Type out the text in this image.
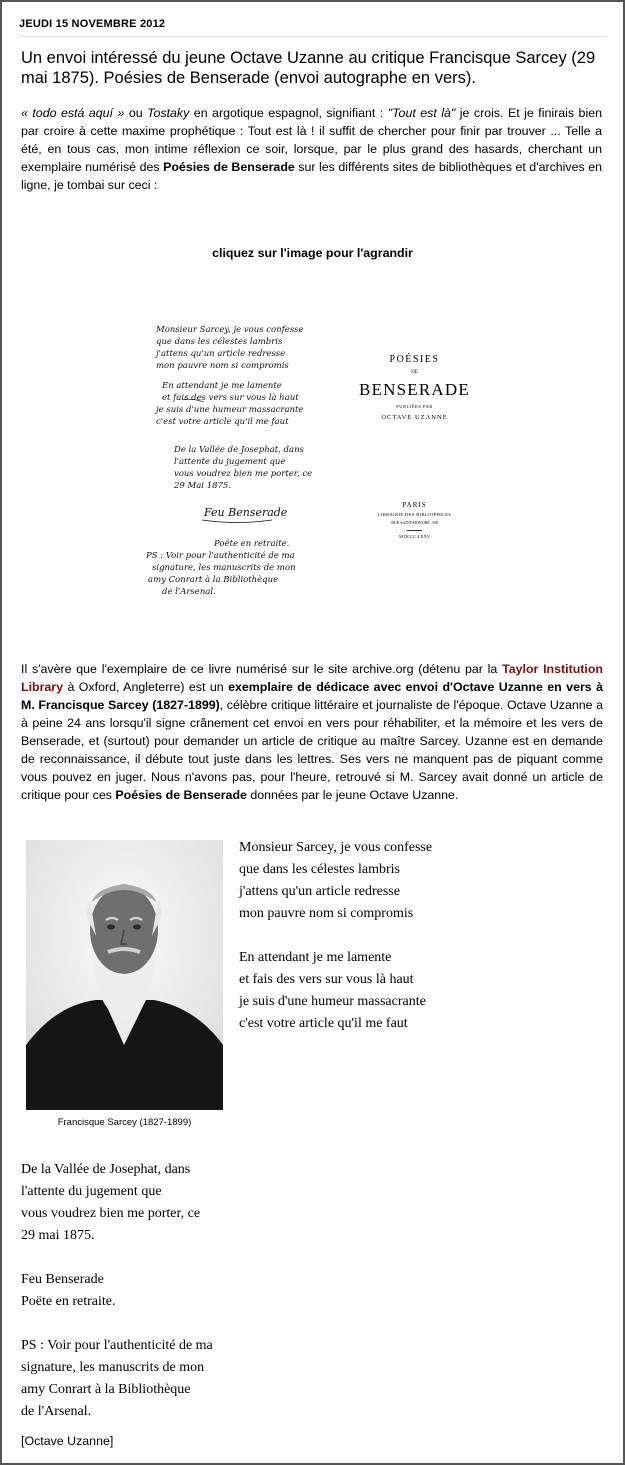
JEUDI 15 NOVEMBRE 2012
Un envoi intéressé du jeune Octave Uzanne au critique Francisque Sarcey (29 mai 1875). Poésies de Benserade (envoi autographe en vers).
« todo está aquí » ou Tostaky en argotique espagnol, signifiant : "Tout est là" je crois. Et je finirais bien par croire à cette maxime prophétique : Tout est là ! il suffit de chercher pour finir par trouver ... Telle a été, en tous cas, mon intime réflexion ce soir, lorsque, par le plus grand des hasards, cherchant un exemplaire numérisé des Poésies de Benserade sur les différents sites de bibliothèques et d'archives en ligne, je tombai sur ceci :
cliquez sur l'image pour l'agrandir
Monsieur Sarcey, je vous confesse
que dans les célestes lambris
j'attens qu'un article redresse
mon pauvre nom si compromis
En attendant je me lamente
et fais des vers sur vous là haut
je suis d'une humeur massacrante
c'est votre article qu'il me faut
De la Vallée de Josephat, dans
l'attente du jugement que
vous voudrez bien me porter, ce
29 Mai 1875.
Feu Benserade
Poëte en retraite.
PS : Voir pour l'authenticité de ma
signature, les manuscrits de mon
amy Conrart à la Bibliothèque
de l'Arsenal.
POÉSIES
DE
BENSERADE
PUBLIÉES PAR
OCTAVE UZANNE
PARIS
LIBRAIRIE DES BIBLIOPHILES
RUE SAINT-HONORÉ, 338
M DCCC LXXV
Il s'avère que l'exemplaire de ce livre numérisé sur le site archive.org (détenu par la Taylor Institution Library à Oxford, Angleterre) est un exemplaire de dédicace avec envoi d'Octave Uzanne en vers à M. Francisque Sarcey (1827-1899), célèbre critique littéraire et journaliste de l'époque. Octave Uzanne a à peine 24 ans lorsqu'il signe crânement cet envoi en vers pour réhabiliter, et la mémoire et les vers de Benserade, et (surtout) pour demander un article de critique au maître Sarcey. Uzanne est en demande de reconnaissance, il débute tout juste dans les lettres. Ses vers ne manquent pas de piquant comme vous pouvez en juger. Nous n'avons pas, pour l'heure, retrouvé si M. Sarcey avait donné un article de critique pour ces Poésies de Benserade données par le jeune Octave Uzanne.
Francisque Sarcey (1827-1899)
Monsieur Sarcey, je vous confesse
que dans les célestes lambris
j'attens qu'un article redresse
mon pauvre nom si compromis
En attendant je me lamente
et fais des vers sur vous là haut
je suis d'une humeur massacrante
c'est votre article qu'il me faut
De la Vallée de Josephat, dans
l'attente du jugement que
vous voudrez bien me porter, ce
29 mai 1875.
Feu Benserade
Poëte en retraite.
PS : Voir pour l'authenticité de ma
signature, les manuscrits de mon
amy Conrart à la Bibliothèque
de l'Arsenal.
[Octave Uzanne]
